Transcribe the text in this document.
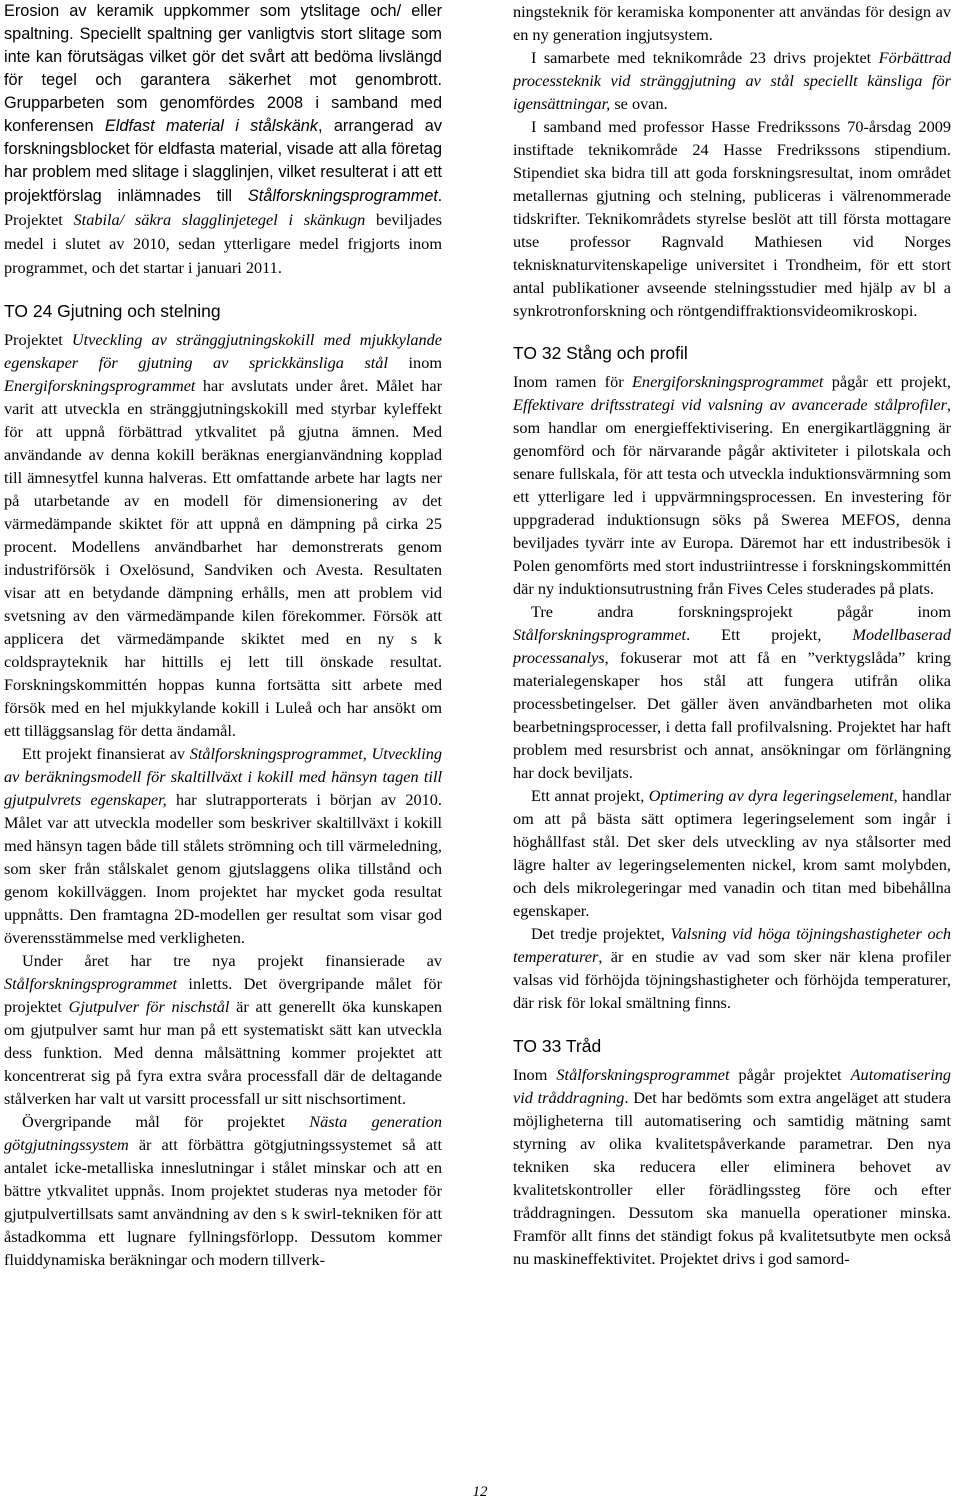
Erosion av keramik uppkommer som ytslitage och/ eller spaltning. Speciellt spaltning ger vanligtvis stort slitage som inte kan förutsägas vilket gör det svårt att bedöma livslängd för tegel och garantera säkerhet mot genombrott. Grupparbeten som genomfördes 2008 i samband med konferensen Eldfast material i stålskänk, arrangerad av forskningsblocket för eldfasta material, visade att alla företag har problem med slitage i slagglinjen, vilket resulterat i att ett projektförslag inlämnades till Stålforskningsprogrammet. Projektet Stabila/ säkra slagglinjetegel i skänkugn beviljades medel i slutet av 2010, sedan ytterligare medel frigjorts inom programmet, och det startar i januari 2011.

TO 24 Gjutning och stelning

Projektet Utveckling av stränggjutningskokill med mjukkylande egenskaper för gjutning av sprickkänsliga stål inom Energiforskningsprogrammet har avslutats under året. Målet har varit att utveckla en stränggjutningskokill med styrbar kyleffekt för att uppnå förbättrad ytkvalitet på gjutna ämnen. Med användande av denna kokill beräknas energianvändning kopplad till ämnesytfel kunna halveras. Ett omfattande arbete har lagts ner på utarbetande av en modell för dimensionering av det värmedämpande skiktet för att uppnå en dämpning på cirka 25 procent. Modellens användbarhet har demonstrerats genom industriförsök i Oxelösund, Sandviken och Avesta. Resultaten visar att en betydande dämpning erhålls, men att problem vid svetsning av den värmedämpande kilen förekommer. Försök att applicera det värmedämpande skiktet med en ny s k coldsprayteknik har hittills ej lett till önskade resultat. Forskningskommittén hoppas kunna fortsätta sitt arbete med försök med en hel mjukkylande kokill i Luleå och har ansökt om ett tilläggsanslag för detta ändamål.

Ett projekt finansierat av Stålforskningsprogrammet, Utveckling av beräkningsmodell för skaltillväxt i kokill med hänsyn tagen till gjutpulvrets egenskaper, har slutrapporterats i början av 2010. Målet var att utveckla modeller som beskriver skaltillväxt i kokill med hänsyn tagen både till stålets strömning och till värmeledning, som sker från stålskalet genom gjutslaggens olika tillstånd och genom kokillväggen. Inom projektet har mycket goda resultat uppnåtts. Den framtagna 2D-modellen ger resultat som visar god överensstämmelse med verkligheten.

Under året har tre nya projekt finansierade av Stålforskningsprogrammet inletts. Det övergripande målet för projektet Gjutpulver för nischstål är att generellt öka kunskapen om gjutpulver samt hur man på ett systematiskt sätt kan utveckla dess funktion. Med denna målsättning kommer projektet att koncentrerat sig på fyra extra svåra processfall där de deltagande stålverken har valt ut varsitt processfall ur sitt nischsortiment.

Övergripande mål för projektet Nästa generation götgjutningssystem är att förbättra götgjutningssystemet så att antalet icke-metalliska inneslutningar i stålet minskar och att en bättre ytkvalitet uppnås. Inom projektet studeras nya metoder för gjutpulvertillsats samt användning av den s k swirl-tekniken för att åstadkomma ett lugnare fyllningsförlopp. Dessutom kommer fluiddynamiska beräkningar och modern tillverk-

ningsteknik för keramiska komponenter att användas för design av en ny generation ingjutsystem.

I samarbete med teknikområde 23 drivs projektet Förbättrad processteknik vid stränggjutning av stål speciellt känsliga för igensättningar, se ovan.

I samband med professor Hasse Fredrikssons 70-årsdag 2009 instiftade teknikområde 24 Hasse Fredrikssons stipendium. Stipendiet ska bidra till att goda forskningsresultat, inom området metallernas gjutning och stelning, publiceras i välrenommerade tidskrifter. Teknikområdets styrelse beslöt att till första mottagare utse professor Ragnvald Mathiesen vid Norges teknisknaturvitenskapelige universitet i Trondheim, för ett stort antal publikationer avseende stelningsstudier med hjälp av bl a synkrotronforskning och röntgendiffraktionsvideomikroskopi.

TO 32 Stång och profil

Inom ramen för Energiforskningsprogrammet pågår ett projekt, Effektivare driftsstrategi vid valsning av avancerade stålprofiler, som handlar om energieffektivisering. En energikartläggning är genomförd och för närvarande pågår aktiviteter i pilotskala och senare fullskala, för att testa och utveckla induktionsvärmning som ett ytterligare led i uppvärmningsprocessen. En investering för uppgraderad induktionsugn söks på Swerea MEFOS, denna beviljades tyvärr inte av Europa. Däremot har ett industribesök i Polen genomförts med stort industriintresse i forskningskommittén där ny induktionsutrustning från Fives Celes studerades på plats.

Tre andra forskningsprojekt pågår inom Stålforskningsprogrammet. Ett projekt, Modellbaserad processanalys, fokuserar mot att få en ”verktygslåda” kring materialegenskaper hos stål att fungera utifrån olika processbetingelser. Det gäller även användbarheten mot olika bearbetningsprocesser, i detta fall profilvalsning. Projektet har haft problem med resursbrist och annat, ansökningar om förlängning har dock beviljats.

Ett annat projekt, Optimering av dyra legeringselement, handlar om att på bästa sätt optimera legeringselement som ingår i höghållfast stål. Det sker dels utveckling av nya stålsorter med lägre halter av legeringselementen nickel, krom samt molybden, och dels mikrolegeringar med vanadin och titan med bibehållna egenskaper.

Det tredje projektet, Valsning vid höga töjningshastigheter och temperaturer, är en studie av vad som sker när klena profiler valsas vid förhöjda töjningshastigheter och förhöjda temperaturer, där risk för lokal smältning finns.

TO 33 Tråd

Inom Stålforskningsprogrammet pågår projektet Automatisering vid tråddragning. Det har bedömts som extra angeläget att studera möjligheterna till automatisering och samtidig mätning samt styrning av olika kvalitetspåverkande parametrar. Den nya tekniken ska reducera eller eliminera behovet av kvalitetskontroller eller förädlingssteg före och efter tråddragningen. Dessutom ska manuella operationer minska. Framför allt finns det ständigt fokus på kvalitetsutbyte men också nu maskineffektivitet. Projektet drivs i god samord-

12
